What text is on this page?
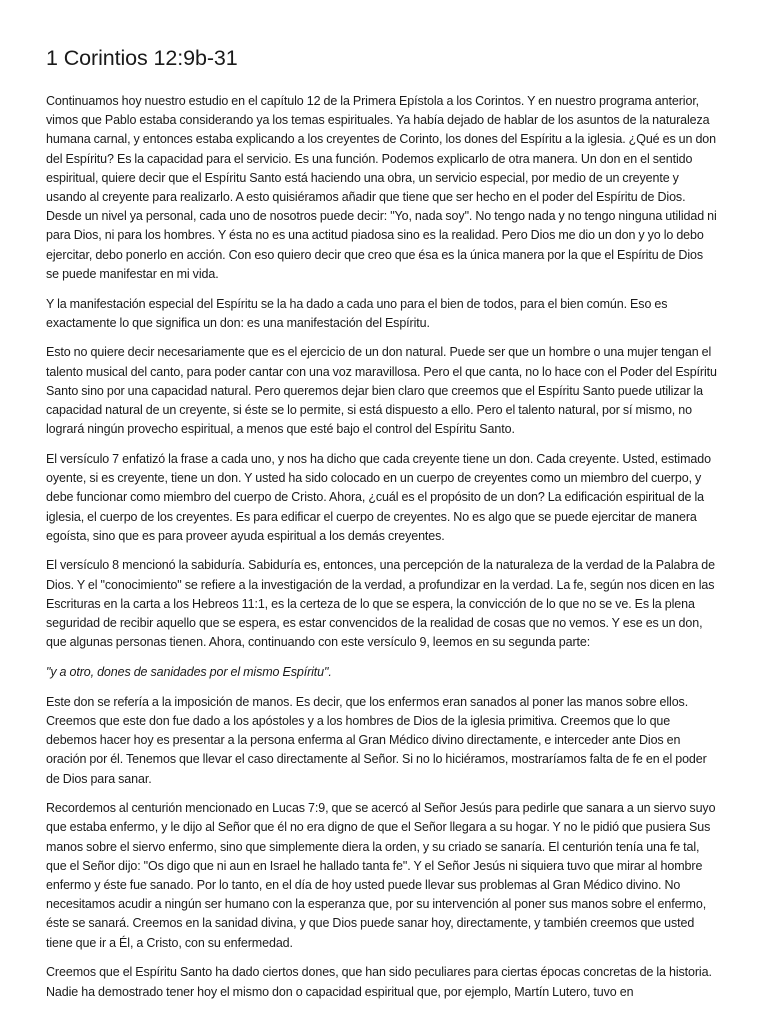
1 Corintios 12:9b-31

Continuamos hoy nuestro estudio en el capítulo 12 de la Primera Epístola a los Corintos. Y en nuestro programa anterior, vimos que Pablo estaba considerando ya los temas espirituales. Ya había dejado de hablar de los asuntos de la naturaleza humana carnal, y entonces estaba explicando a los creyentes de Corinto, los dones del Espíritu a la iglesia. ¿Qué es un don del Espíritu? Es la capacidad para el servicio. Es una función. Podemos explicarlo de otra manera. Un don en el sentido espiritual, quiere decir que el Espíritu Santo está haciendo una obra, un servicio especial, por medio de un creyente y usando al creyente para realizarlo. A esto quisiéramos añadir que tiene que ser hecho en el poder del Espíritu de Dios. Desde un nivel ya personal, cada uno de nosotros puede decir: "Yo, nada soy". No tengo nada y no tengo ninguna utilidad ni para Dios, ni para los hombres. Y ésta no es una actitud piadosa sino es la realidad. Pero Dios me dio un don y yo lo debo ejercitar, debo ponerlo en acción. Con eso quiero decir que creo que ésa es la única manera por la que el Espíritu de Dios se puede manifestar en mi vida.

Y la manifestación especial del Espíritu se la ha dado a cada uno para el bien de todos, para el bien común. Eso es exactamente lo que significa un don: es una manifestación del Espíritu.

Esto no quiere decir necesariamente que es el ejercicio de un don natural. Puede ser que un hombre o una mujer tengan el talento musical del canto, para poder cantar con una voz maravillosa. Pero el que canta, no lo hace con el Poder del Espíritu Santo sino por una capacidad natural. Pero queremos dejar bien claro que creemos que el Espíritu Santo puede utilizar la capacidad natural de un creyente, si éste se lo permite, si está dispuesto a ello. Pero el talento natural, por sí mismo, no logrará ningún provecho espiritual, a menos que esté bajo el control del Espíritu Santo.

El versículo 7 enfatizó la frase a cada uno, y nos ha dicho que cada creyente tiene un don. Cada creyente. Usted, estimado oyente, si es creyente, tiene un don. Y usted ha sido colocado en un cuerpo de creyentes como un miembro del cuerpo, y debe funcionar como miembro del cuerpo de Cristo. Ahora, ¿cuál es el propósito de un don? La edificación espiritual de la iglesia, el cuerpo de los creyentes. Es para edificar el cuerpo de creyentes. No es algo que se puede ejercitar de manera egoísta, sino que es para proveer ayuda espiritual a los demás creyentes.

El versículo 8 mencionó la sabiduría. Sabiduría es, entonces, una percepción de la naturaleza de la verdad de la Palabra de Dios. Y el "conocimiento" se refiere a la investigación de la verdad, a profundizar en la verdad. La fe, según nos dicen en las Escrituras en la carta a los Hebreos 11:1, es la certeza de lo que se espera, la convicción de lo que no se ve. Es la plena seguridad de recibir aquello que se espera, es estar convencidos de la realidad de cosas que no vemos. Y ese es un don, que algunas personas tienen. Ahora, continuando con este versículo 9, leemos en su segunda parte:

"y a otro, dones de sanidades por el mismo Espíritu".

Este don se refería a la imposición de manos. Es decir, que los enfermos eran sanados al poner las manos sobre ellos. Creemos que este don fue dado a los apóstoles y a los hombres de Dios de la iglesia primitiva. Creemos que lo que debemos hacer hoy es presentar a la persona enferma al Gran Médico divino directamente, e interceder ante Dios en oración por él. Tenemos que llevar el caso directamente al Señor. Si no lo hiciéramos, mostraríamos falta de fe en el poder de Dios para sanar.

Recordemos al centurión mencionado en Lucas 7:9, que se acercó al Señor Jesús para pedirle que sanara a un siervo suyo que estaba enfermo, y le dijo al Señor que él no era digno de que el Señor llegara a su hogar. Y no le pidió que pusiera Sus manos sobre el siervo enfermo, sino que simplemente diera la orden, y su criado se sanaría. El centurión tenía una fe tal, que el Señor dijo: "Os digo que ni aun en Israel he hallado tanta fe". Y el Señor Jesús ni siquiera tuvo que mirar al hombre enfermo y éste fue sanado. Por lo tanto, en el día de hoy usted puede llevar sus problemas al Gran Médico divino. No necesitamos acudir a ningún ser humano con la esperanza que, por su intervención al poner sus manos sobre el enfermo, éste se sanará. Creemos en la sanidad divina, y que Dios puede sanar hoy, directamente, y también creemos que usted tiene que ir a Él, a Cristo, con su enfermedad.

Creemos que el Espíritu Santo ha dado ciertos dones, que han sido peculiares para ciertas épocas concretas de la historia. Nadie ha demostrado tener hoy el mismo don o capacidad espiritual que, por ejemplo, Martín Lutero, tuvo en
